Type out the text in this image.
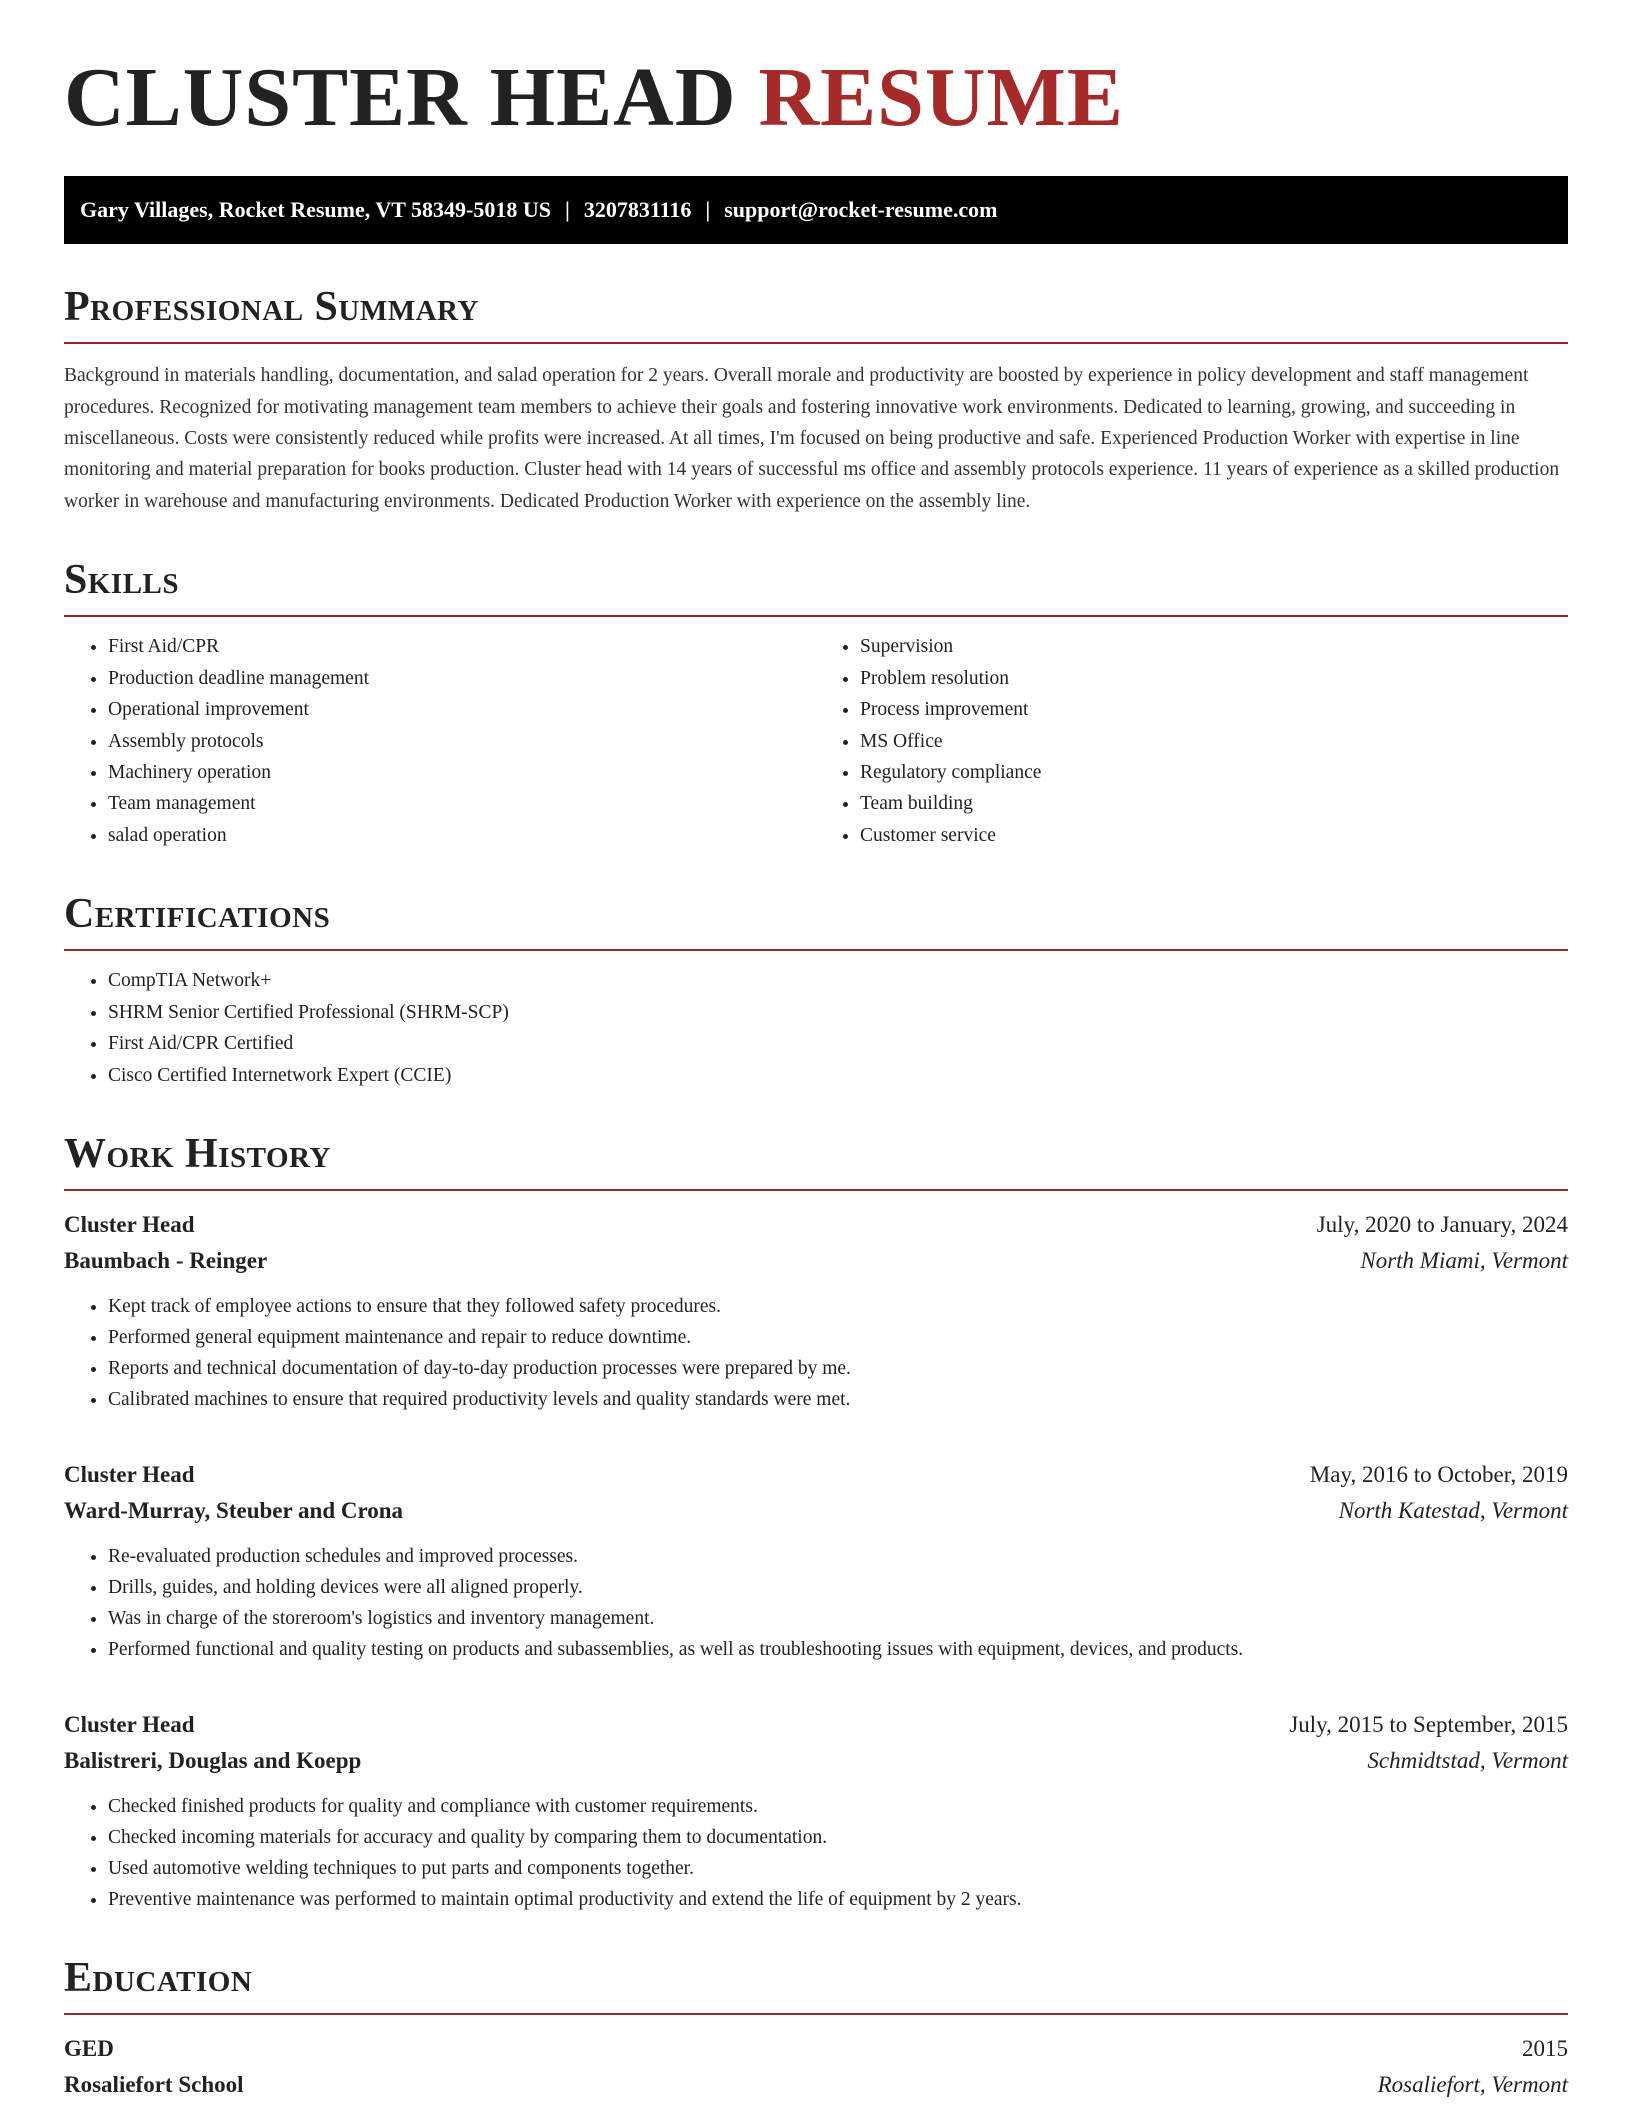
CLUSTER HEAD RESUME
Gary Villages, Rocket Resume, VT 58349-5018 US | 3207831116 | support@rocket-resume.com
Professional Summary

Background in materials handling, documentation, and salad operation for 2 years. Overall morale and productivity are boosted by experience in policy development and staff management procedures. Recognized for motivating management team members to achieve their goals and fostering innovative work environments. Dedicated to learning, growing, and succeeding in miscellaneous. Costs were consistently reduced while profits were increased. At all times, I'm focused on being productive and safe. Experienced Production Worker with expertise in line monitoring and material preparation for books production. Cluster head with 14 years of successful ms office and assembly protocols experience. 11 years of experience as a skilled production worker in warehouse and manufacturing environments. Dedicated Production Worker with experience on the assembly line.

Skills
• First Aid/CPR
• Production deadline management
• Operational improvement
• Assembly protocols
• Machinery operation
• Team management
• salad operation
• Supervision
• Problem resolution
• Process improvement
• MS Office
• Regulatory compliance
• Team building
• Customer service
Certifications
• CompTIA Network+
• SHRM Senior Certified Professional (SHRM-SCP)
• First Aid/CPR Certified
• Cisco Certified Internetwork Expert (CCIE)
Work History
Cluster Head	July, 2020 to January, 2024
Baumbach - Reinger	North Miami, Vermont
• Kept track of employee actions to ensure that they followed safety procedures.
• Performed general equipment maintenance and repair to reduce downtime.
• Reports and technical documentation of day-to-day production processes were prepared by me.
• Calibrated machines to ensure that required productivity levels and quality standards were met.
Cluster Head	May, 2016 to October, 2019
Ward-Murray, Steuber and Crona	North Katestad, Vermont
• Re-evaluated production schedules and improved processes.
• Drills, guides, and holding devices were all aligned properly.
• Was in charge of the storeroom's logistics and inventory management.
• Performed functional and quality testing on products and subassemblies, as well as troubleshooting issues with equipment, devices, and products.
Cluster Head	July, 2015 to September, 2015
Balistreri, Douglas and Koepp	Schmidtstad, Vermont
• Checked finished products for quality and compliance with customer requirements.
• Checked incoming materials for accuracy and quality by comparing them to documentation.
• Used automotive welding techniques to put parts and components together.
• Preventive maintenance was performed to maintain optimal productivity and extend the life of equipment by 2 years.
Education
GED	2015
Rosaliefort School	Rosaliefort, Vermont
